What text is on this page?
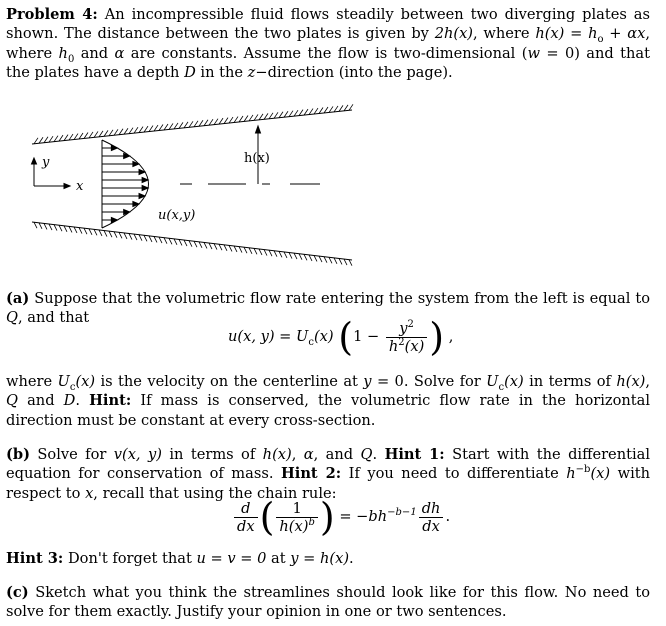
Problem 4: An incompressible fluid flows steadily between two diverging plates as shown. The distance between the two plates is given by 2h(x), where $h(x) = h_o + \alpha x$, where $h_0$ and α are constants. Assume the flow is two-dimensional (w = 0) and that the plates have a depth D in the z−direction (into the page).

y
x
h(x)
u(x,y)

(a) Suppose that the volumetric flow rate entering the system from the left is equal to Q, and that

u(x, $y) = U_c(x) (1 - \frac{y^2}{h^2(x)}$ ) ,

where $U_c(x)$ is the velocity on the centerline at y = 0. Solve for $U_c(x)$ in terms of h(x), Q and D. Hint: If mass is conserved, the volumetric flow rate in the horizontal direction must be constant at every cross-section.

(b) Solve for v(x, y) in terms of h(x), α, and Q. Hint 1: Start with the differential equation for conservation of mass. Hint 2: If you need to differentiate $h^{-b}(x)$ with respect to x, recall that using the chain rule:

$\frac{d}{dx}$ ( $\frac{1}{h(x)^b}$ ) = $-bh^{-b-1} \frac{dh}{dx}$ .

Hint 3: Don't forget that u = v = 0 at y = h(x).

(c) Sketch what you think the streamlines should look like for this flow. No need to solve for them exactly. Justify your opinion in one or two sentences.
